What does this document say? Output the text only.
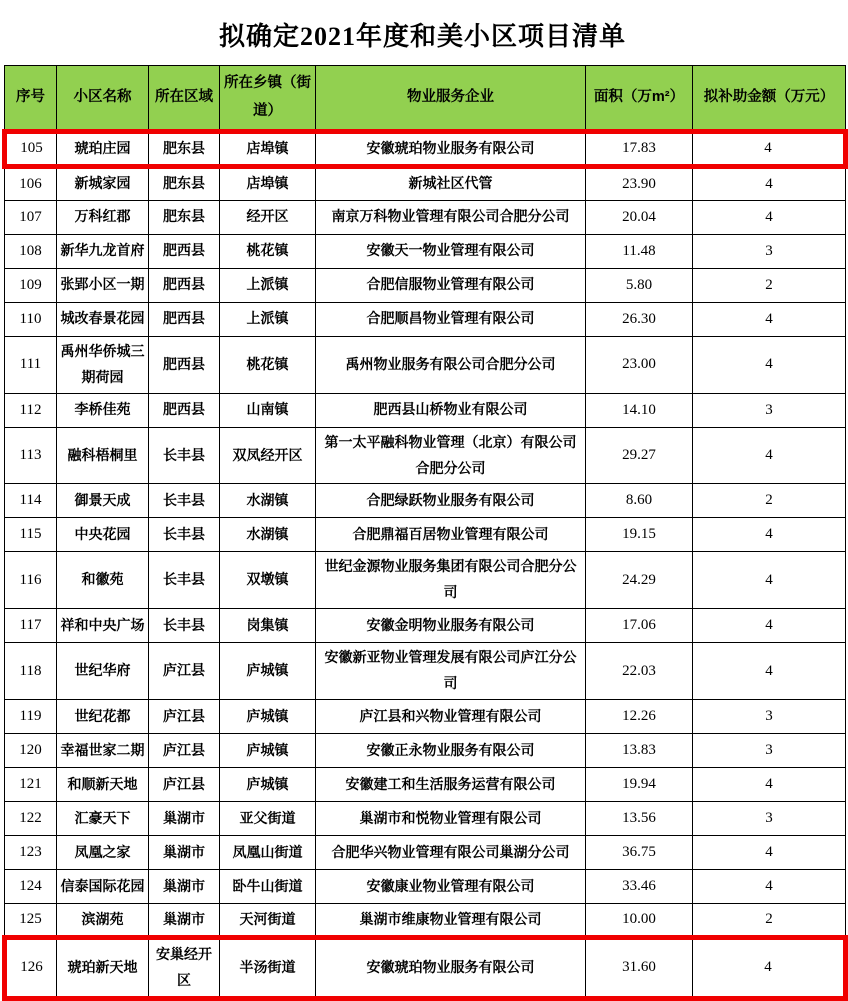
拟确定2021年度和美小区项目清单
序号	小区名称	所在区域	所在乡镇（街道）	物业服务企业	面积（万m²）	拟补助金额（万元）
105	琥珀庄园	肥东县	店埠镇	安徽琥珀物业服务有限公司	17.83	4
106	新城家园	肥东县	店埠镇	新城社区代管	23.90	4
107	万科红郡	肥东县	经开区	南京万科物业管理有限公司合肥分公司	20.04	4
108	新华九龙首府	肥西县	桃花镇	安徽天一物业管理有限公司	11.48	3
109	张郢小区一期	肥西县	上派镇	合肥信服物业管理有限公司	5.80	2
110	城改春景花园	肥西县	上派镇	合肥顺昌物业管理有限公司	26.30	4
111	禹州华侨城三期荷园	肥西县	桃花镇	禹州物业服务有限公司合肥分公司	23.00	4
112	李桥佳苑	肥西县	山南镇	肥西县山桥物业有限公司	14.10	3
113	融科梧桐里	长丰县	双凤经开区	第一太平融科物业管理（北京）有限公司合肥分公司	29.27	4
114	御景天成	长丰县	水湖镇	合肥绿跃物业服务有限公司	8.60	2
115	中央花园	长丰县	水湖镇	合肥鼎福百居物业管理有限公司	19.15	4
116	和徽苑	长丰县	双墩镇	世纪金源物业服务集团有限公司合肥分公司	24.29	4
117	祥和中央广场	长丰县	岗集镇	安徽金明物业服务有限公司	17.06	4
118	世纪华府	庐江县	庐城镇	安徽新亚物业管理发展有限公司庐江分公司	22.03	4
119	世纪花都	庐江县	庐城镇	庐江县和兴物业管理有限公司	12.26	3
120	幸福世家二期	庐江县	庐城镇	安徽正永物业服务有限公司	13.83	3
121	和顺新天地	庐江县	庐城镇	安徽建工和生活服务运营有限公司	19.94	4
122	汇豪天下	巢湖市	亚父街道	巢湖市和悦物业管理有限公司	13.56	3
123	凤凰之家	巢湖市	凤凰山街道	合肥华兴物业管理有限公司巢湖分公司	36.75	4
124	信泰国际花园	巢湖市	卧牛山街道	安徽康业物业管理有限公司	33.46	4
125	滨湖苑	巢湖市	天河街道	巢湖市维康物业管理有限公司	10.00	2
126	琥珀新天地	安巢经开区	半汤街道	安徽琥珀物业服务有限公司	31.60	4
